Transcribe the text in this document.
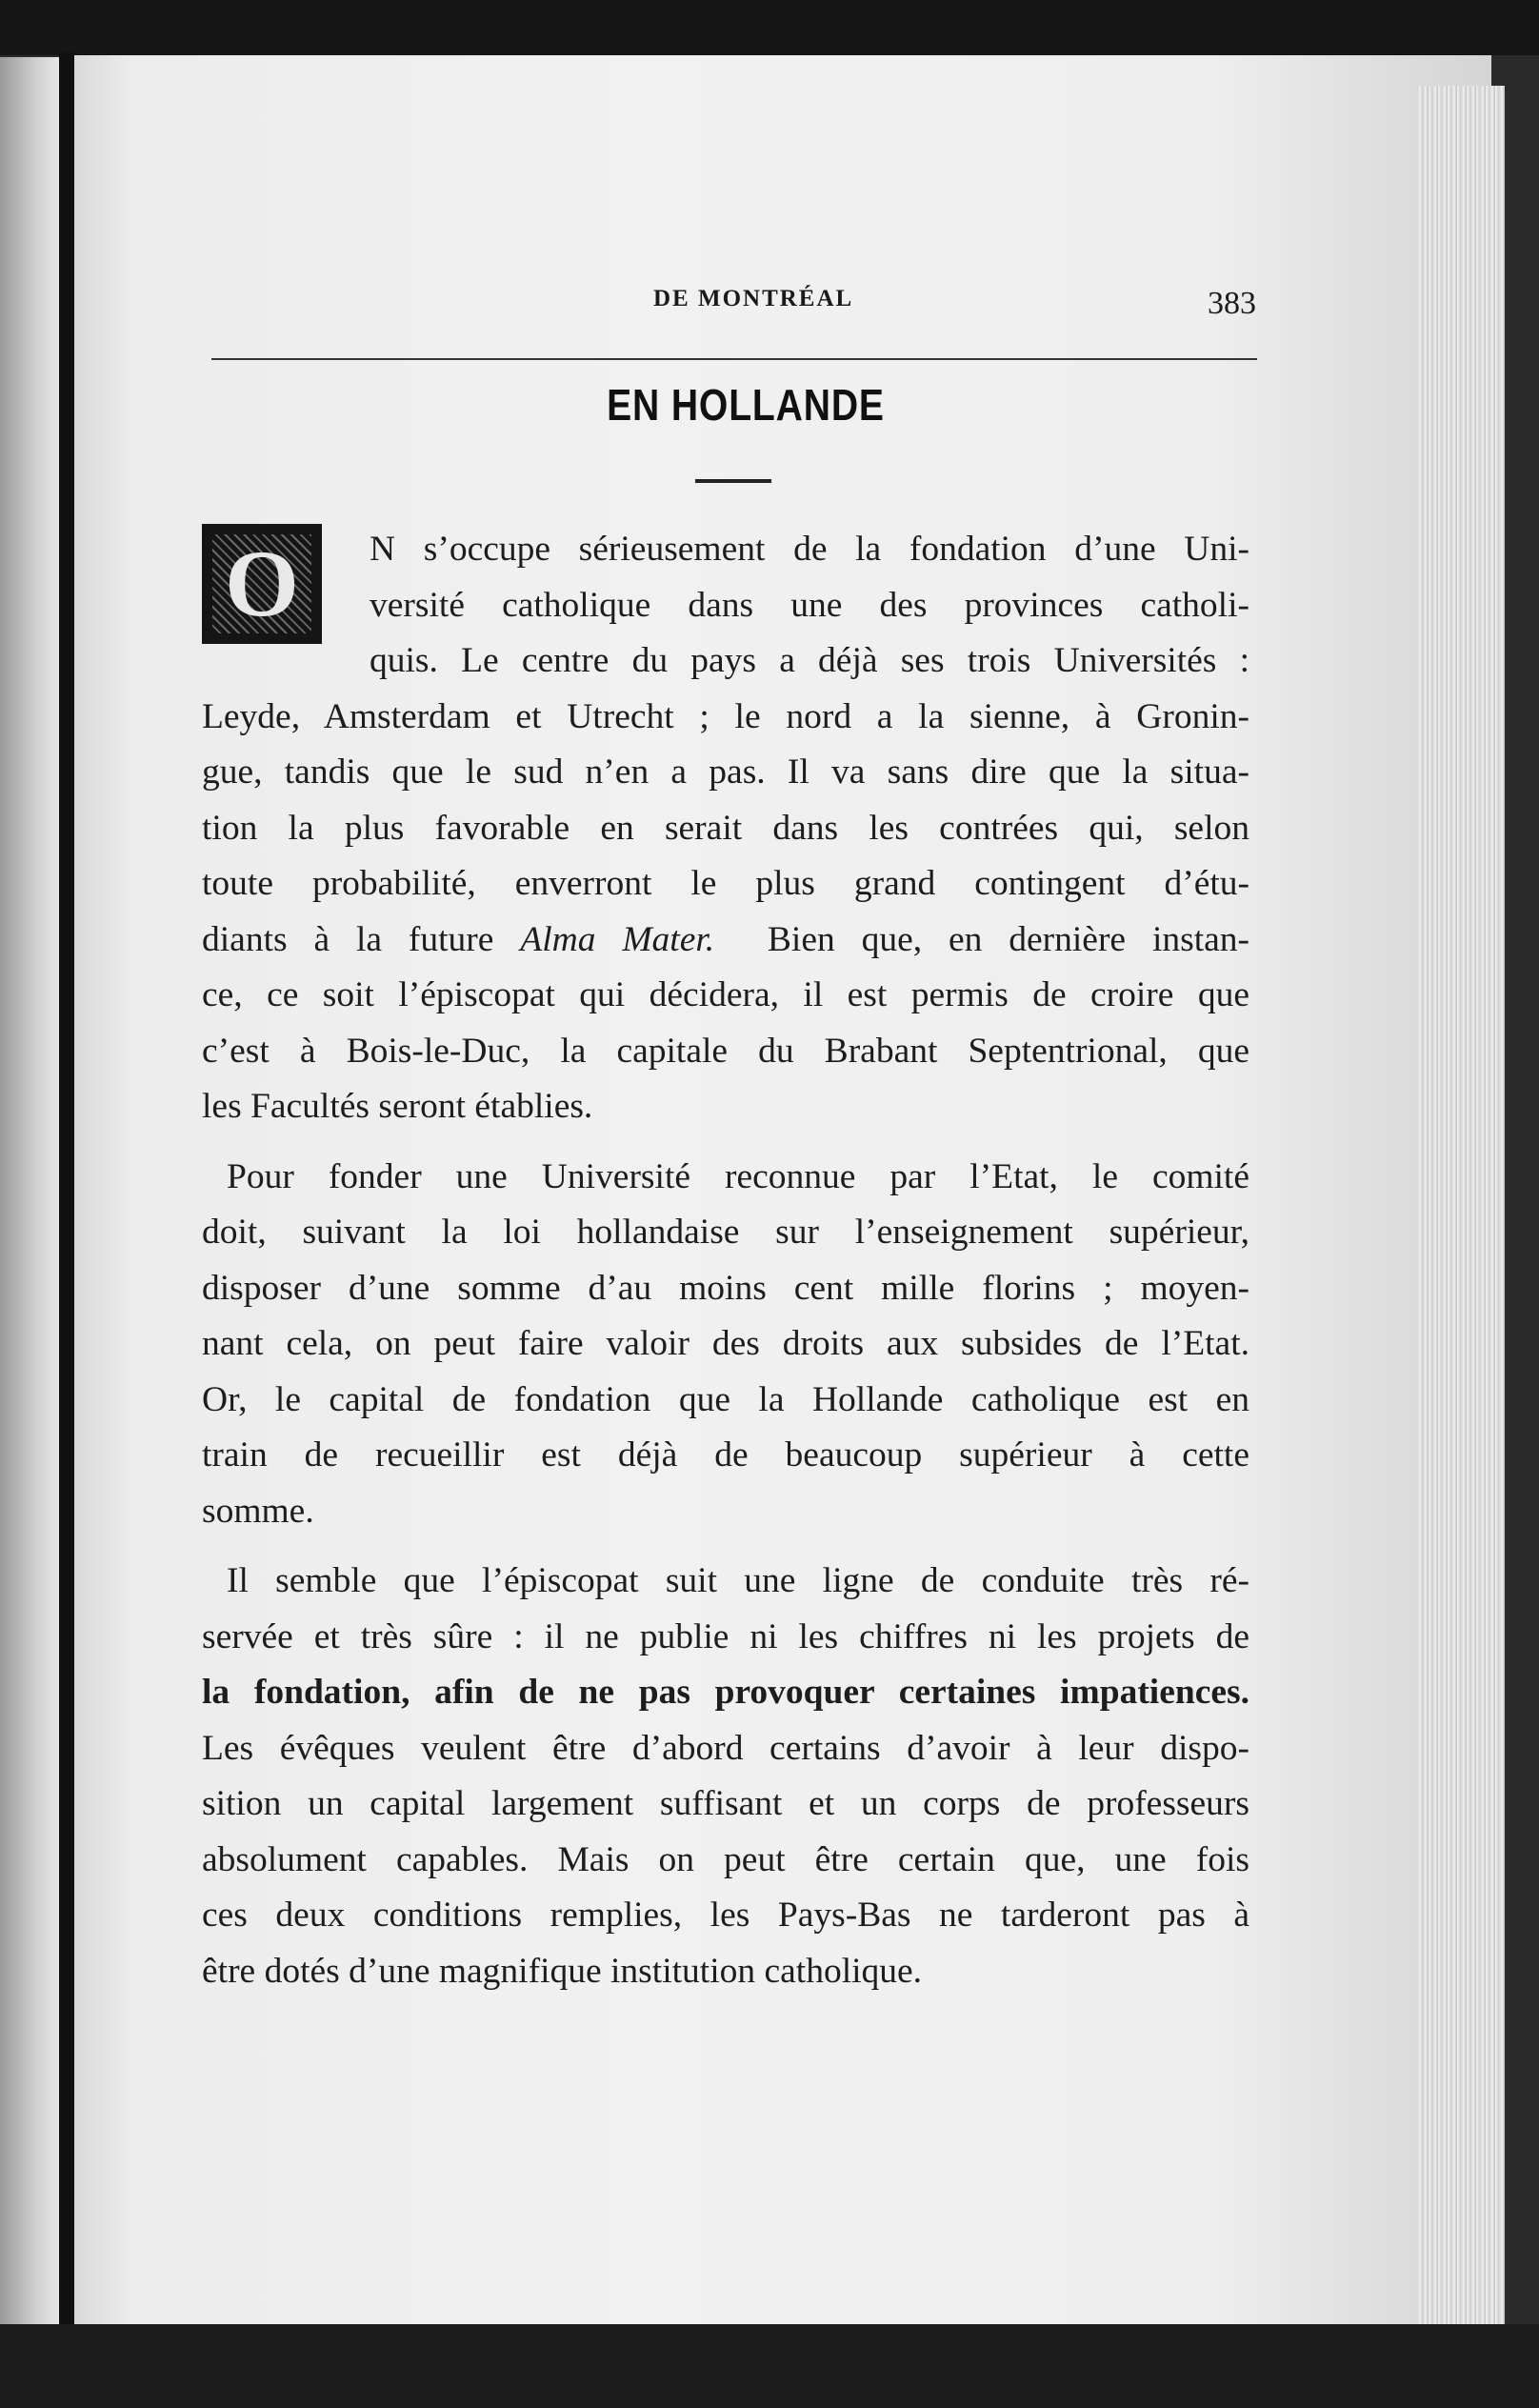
DE MONTRÉAL	383
EN HOLLANDE
O	N s’occupe sérieusement de la fondation d’une Uni-
versité catholique dans une des provinces catholi-
quis. Le centre du pays a déjà ses trois Universités :
Leyde, Amsterdam et Utrecht ; le nord a la sienne, à Gronin-
gue, tandis que le sud n’en a pas. Il va sans dire que la situa-
tion la plus favorable en serait dans les contrées qui, selon
toute probabilité, enverront le plus grand contingent d’étu-
diants à la future Alma Mater. Bien que, en dernière instan-
ce, ce soit l’épiscopat qui décidera, il est permis de croire que
c’est à Bois-le-Duc, la capitale du Brabant Septentrional, que
les Facultés seront établies.

Pour fonder une Université reconnue par l’Etat, le comité
doit, suivant la loi hollandaise sur l’enseignement supérieur,
disposer d’une somme d’au moins cent mille florins ; moyen-
nant cela, on peut faire valoir des droits aux subsides de l’Etat.
Or, le capital de fondation que la Hollande catholique est en
train de recueillir est déjà de beaucoup supérieur à cette
somme.

Il semble que l’épiscopat suit une ligne de conduite très ré-
servée et très sûre : il ne publie ni les chiffres ni les projets de
la fondation, afin de ne pas provoquer certaines impatiences.
Les évêques veulent être d’abord certains d’avoir à leur dispo-
sition un capital largement suffisant et un corps de professeurs
absolument capables. Mais on peut être certain que, une fois
ces deux conditions remplies, les Pays-Bas ne tarderont pas à
être dotés d’une magnifique institution catholique.
